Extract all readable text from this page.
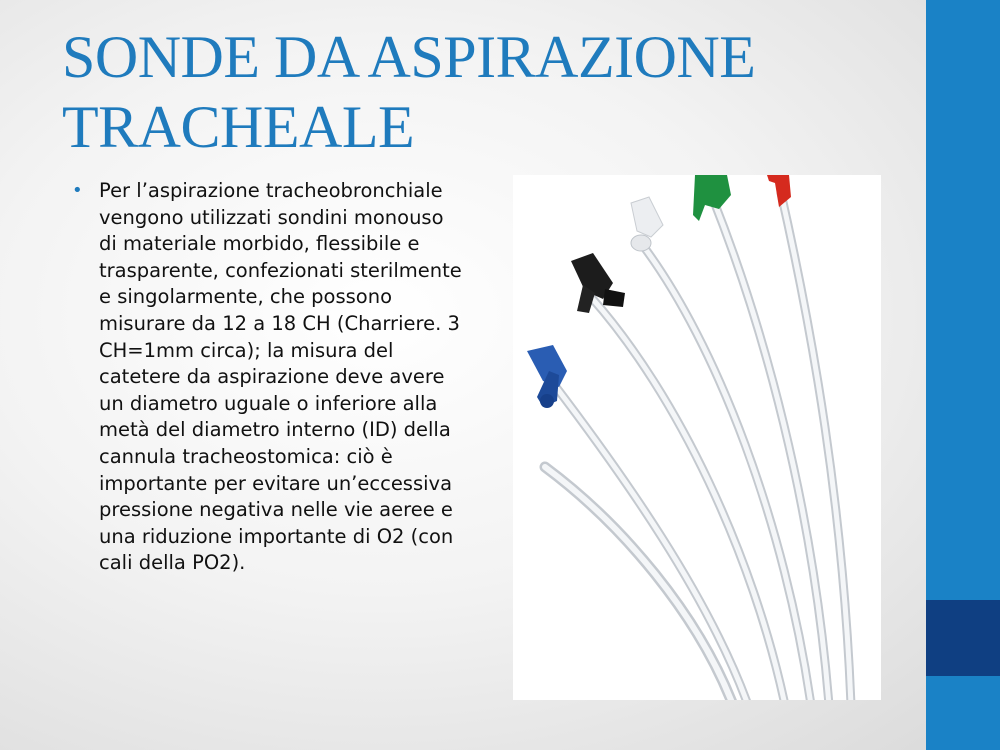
SONDE DA ASPIRAZIONE
TRACHEALE
• Per l’aspirazione tracheobronchiale vengono utilizzati sondini monouso di materiale morbido, flessibile e trasparente, confezionati sterilmente e singolarmente, che possono misurare da 12 a 18 CH (Charriere. 3 CH=1mm circa); la misura del catetere da aspirazione deve avere un diametro uguale o inferiore alla metà del diametro interno (ID) della cannula tracheostomica: ciò è importante per evitare un’eccessiva pressione negativa nelle vie aeree e una riduzione importante di O2 (con cali della PO2).
